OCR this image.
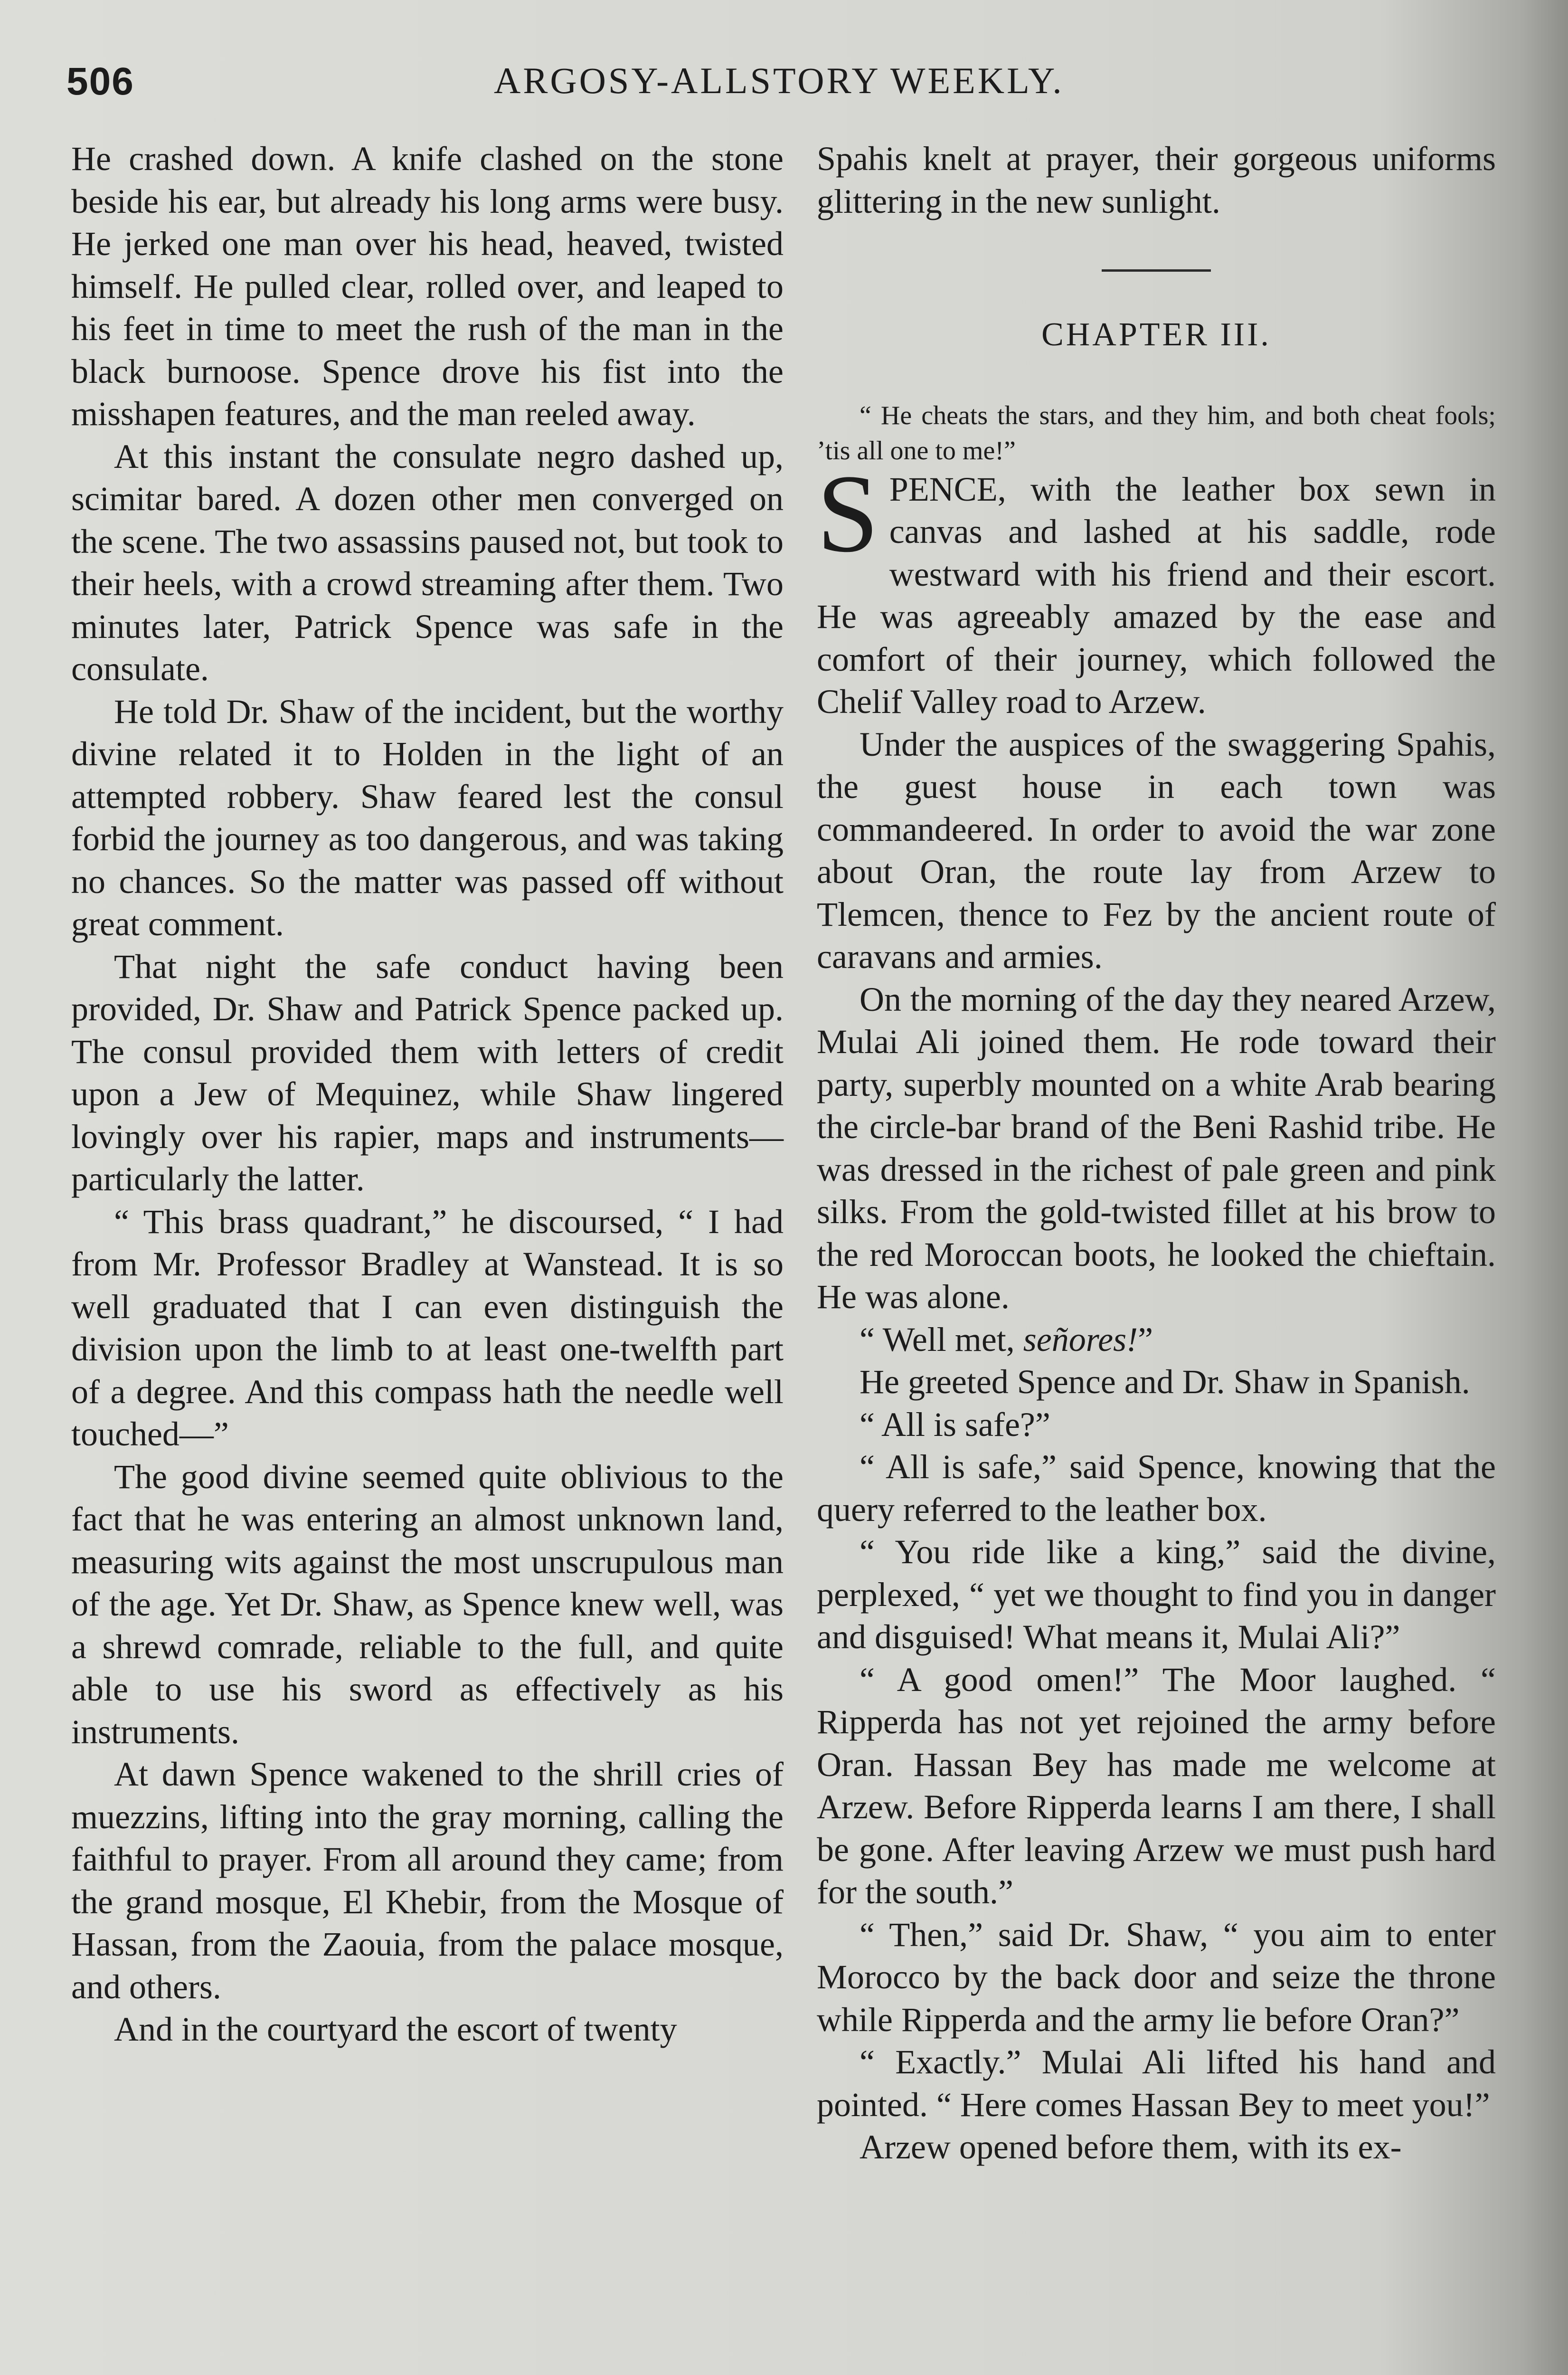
506	ARGOSY-ALLSTORY WEEKLY.

He crashed down. A knife clashed on the stone beside his ear, but already his long arms were busy. He jerked one man over his head, heaved, twisted himself. He pulled clear, rolled over, and leaped to his feet in time to meet the rush of the man in the black burnoose. Spence drove his fist into the misshapen features, and the man reeled away.

At this instant the consulate negro dashed up, scimitar bared. A dozen other men converged on the scene. The two assassins paused not, but took to their heels, with a crowd streaming after them. Two minutes later, Patrick Spence was safe in the consulate.

He told Dr. Shaw of the incident, but the worthy divine related it to Holden in the light of an attempted robbery. Shaw feared lest the consul forbid the journey as too dangerous, and was taking no chances. So the matter was passed off without great comment.

That night the safe conduct having been provided, Dr. Shaw and Patrick Spence packed up. The consul provided them with letters of credit upon a Jew of Mequinez, while Shaw lingered lovingly over his rapier, maps and instruments—particularly the latter.

“ This brass quadrant,” he discoursed, “ I had from Mr. Professor Bradley at Wanstead. It is so well graduated that I can even distinguish the division upon the limb to at least one-twelfth part of a degree. And this compass hath the needle well touched—”

The good divine seemed quite oblivious to the fact that he was entering an almost unknown land, measuring wits against the most unscrupulous man of the age. Yet Dr. Shaw, as Spence knew well, was a shrewd comrade, reliable to the full, and quite able to use his sword as effectively as his instruments.

At dawn Spence wakened to the shrill cries of muezzins, lifting into the gray morning, calling the faithful to prayer. From all around they came; from the grand mosque, El Khebir, from the Mosque of Hassan, from the Zaouia, from the palace mosque, and others.

And in the courtyard the escort of twenty

Spahis knelt at prayer, their gorgeous uniforms glittering in the new sunlight.

CHAPTER III.

“ He cheats the stars, and they him, and both cheat fools; ’tis all one to me!”

SPENCE, with the leather box sewn in canvas and lashed at his saddle, rode westward with his friend and their escort. He was agreeably amazed by the ease and comfort of their journey, which followed the Chelif Valley road to Arzew.

Under the auspices of the swaggering Spahis, the guest house in each town was commandeered. In order to avoid the war zone about Oran, the route lay from Arzew to Tlemcen, thence to Fez by the ancient route of caravans and armies.

On the morning of the day they neared Arzew, Mulai Ali joined them. He rode toward their party, superbly mounted on a white Arab bearing the circle-bar brand of the Beni Rashid tribe. He was dressed in the richest of pale green and pink silks. From the gold-twisted fillet at his brow to the red Moroccan boots, he looked the chieftain. He was alone.

“ Well met, señores!”

He greeted Spence and Dr. Shaw in Spanish.

“ All is safe?”

“ All is safe,” said Spence, knowing that the query referred to the leather box.

“ You ride like a king,” said the divine, perplexed, “ yet we thought to find you in danger and disguised! What means it, Mulai Ali?”

“ A good omen!” The Moor laughed. “ Ripperda has not yet rejoined the army before Oran. Hassan Bey has made me welcome at Arzew. Before Ripperda learns I am there, I shall be gone. After leaving Arzew we must push hard for the south.”

“ Then,” said Dr. Shaw, “ you aim to enter Morocco by the back door and seize the throne while Ripperda and the army lie before Oran?”

“ Exactly.” Mulai Ali lifted his hand and pointed. “ Here comes Hassan Bey to meet you!”

Arzew opened before them, with its ex-
